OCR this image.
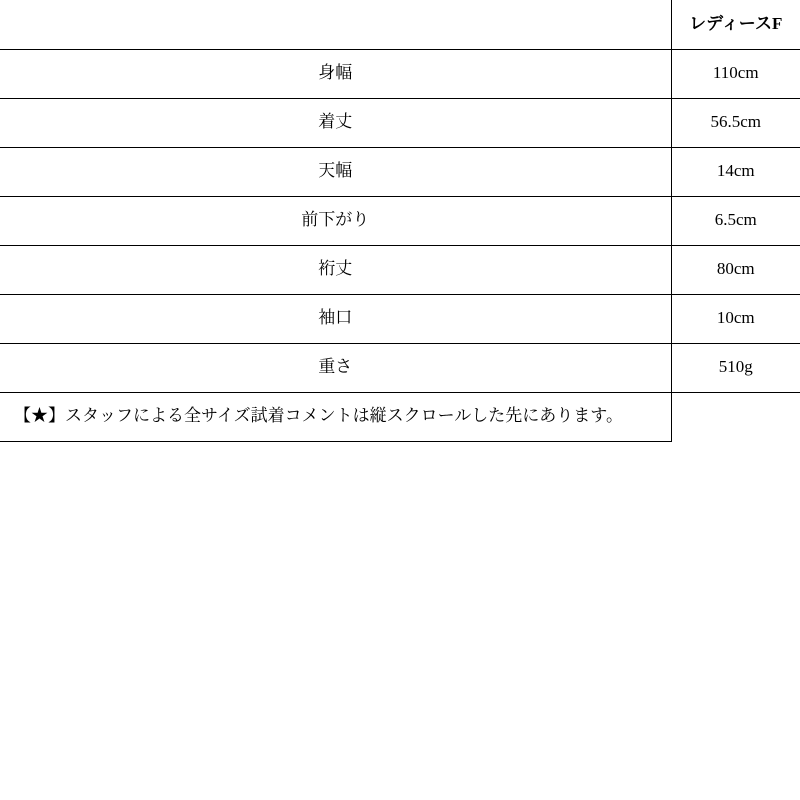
	レディースF
身幅	110cm
着丈	56.5cm
天幅	14cm
前下がり	6.5cm
裄丈	80cm
袖口	10cm
重さ	510g
【★】スタッフによる全サイズ試着コメントは縦スクロールした先にあります。	
